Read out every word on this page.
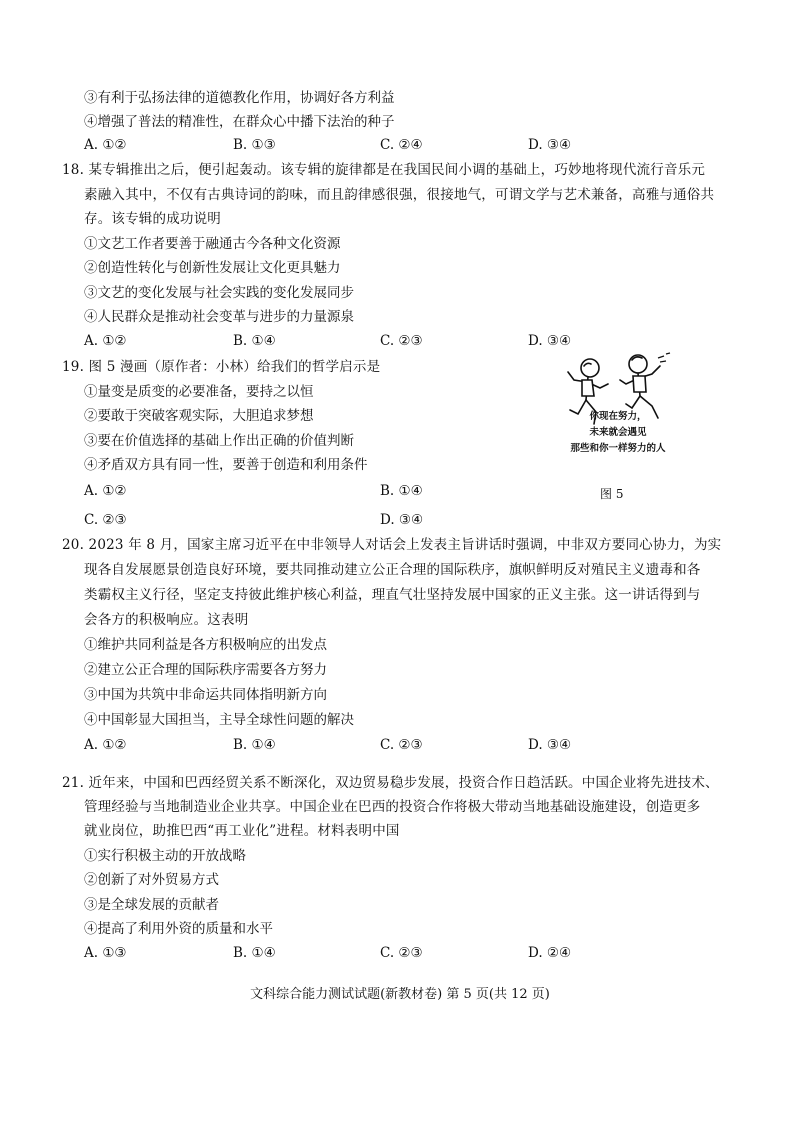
③有利于弘扬法律的道德教化作用，协调好各方利益
④增强了普法的精准性，在群众心中播下法治的种子
A. ①②	B. ①③	C. ②④	D. ③④
18. 某专辑推出之后，便引起轰动。该专辑的旋律都是在我国民间小调的基础上，巧妙地将现代流行音乐元
素融入其中，不仅有古典诗词的韵味，而且韵律感很强，很接地气，可谓文学与艺术兼备，高雅与通俗共
存。该专辑的成功说明
①文艺工作者要善于融通古今各种文化资源
②创造性转化与创新性发展让文化更具魅力
③文艺的变化发展与社会实践的变化发展同步
④人民群众是推动社会变革与进步的力量源泉
A. ①②	B. ①④	C. ②③	D. ③④
19. 图 5 漫画（原作者：小林）给我们的哲学启示是
①量变是质变的必要准备，要持之以恒
②要敢于突破客观实际，大胆追求梦想
③要在价值选择的基础上作出正确的价值判断
④矛盾双方具有同一性，要善于创造和利用条件
A. ①②	B. ①④
C. ②③	D. ③④
你现在努力，
未来就会遇见
那些和你一样努力的人
图 5
20. 2023 年 8 月，国家主席习近平在中非领导人对话会上发表主旨讲话时强调，中非双方要同心协力，为实
现各自发展愿景创造良好环境，要共同推动建立公正合理的国际秩序，旗帜鲜明反对殖民主义遗毒和各
类霸权主义行径，坚定支持彼此维护核心利益，理直气壮坚持发展中国家的正义主张。这一讲话得到与
会各方的积极响应。这表明
①维护共同利益是各方积极响应的出发点
②建立公正合理的国际秩序需要各方努力
③中国为共筑中非命运共同体指明新方向
④中国彰显大国担当，主导全球性问题的解决
A. ①②	B. ①④	C. ②③	D. ③④
21. 近年来，中国和巴西经贸关系不断深化，双边贸易稳步发展，投资合作日趋活跃。中国企业将先进技术、
管理经验与当地制造业企业共享。中国企业在巴西的投资合作将极大带动当地基础设施建设，创造更多
就业岗位，助推巴西“再工业化”进程。材料表明中国
①实行积极主动的开放战略
②创新了对外贸易方式
③是全球发展的贡献者
④提高了利用外资的质量和水平
A. ①③	B. ①④	C. ②③	D. ②④
文科综合能力测试试题(新教材卷) 第 5 页(共 12 页)
